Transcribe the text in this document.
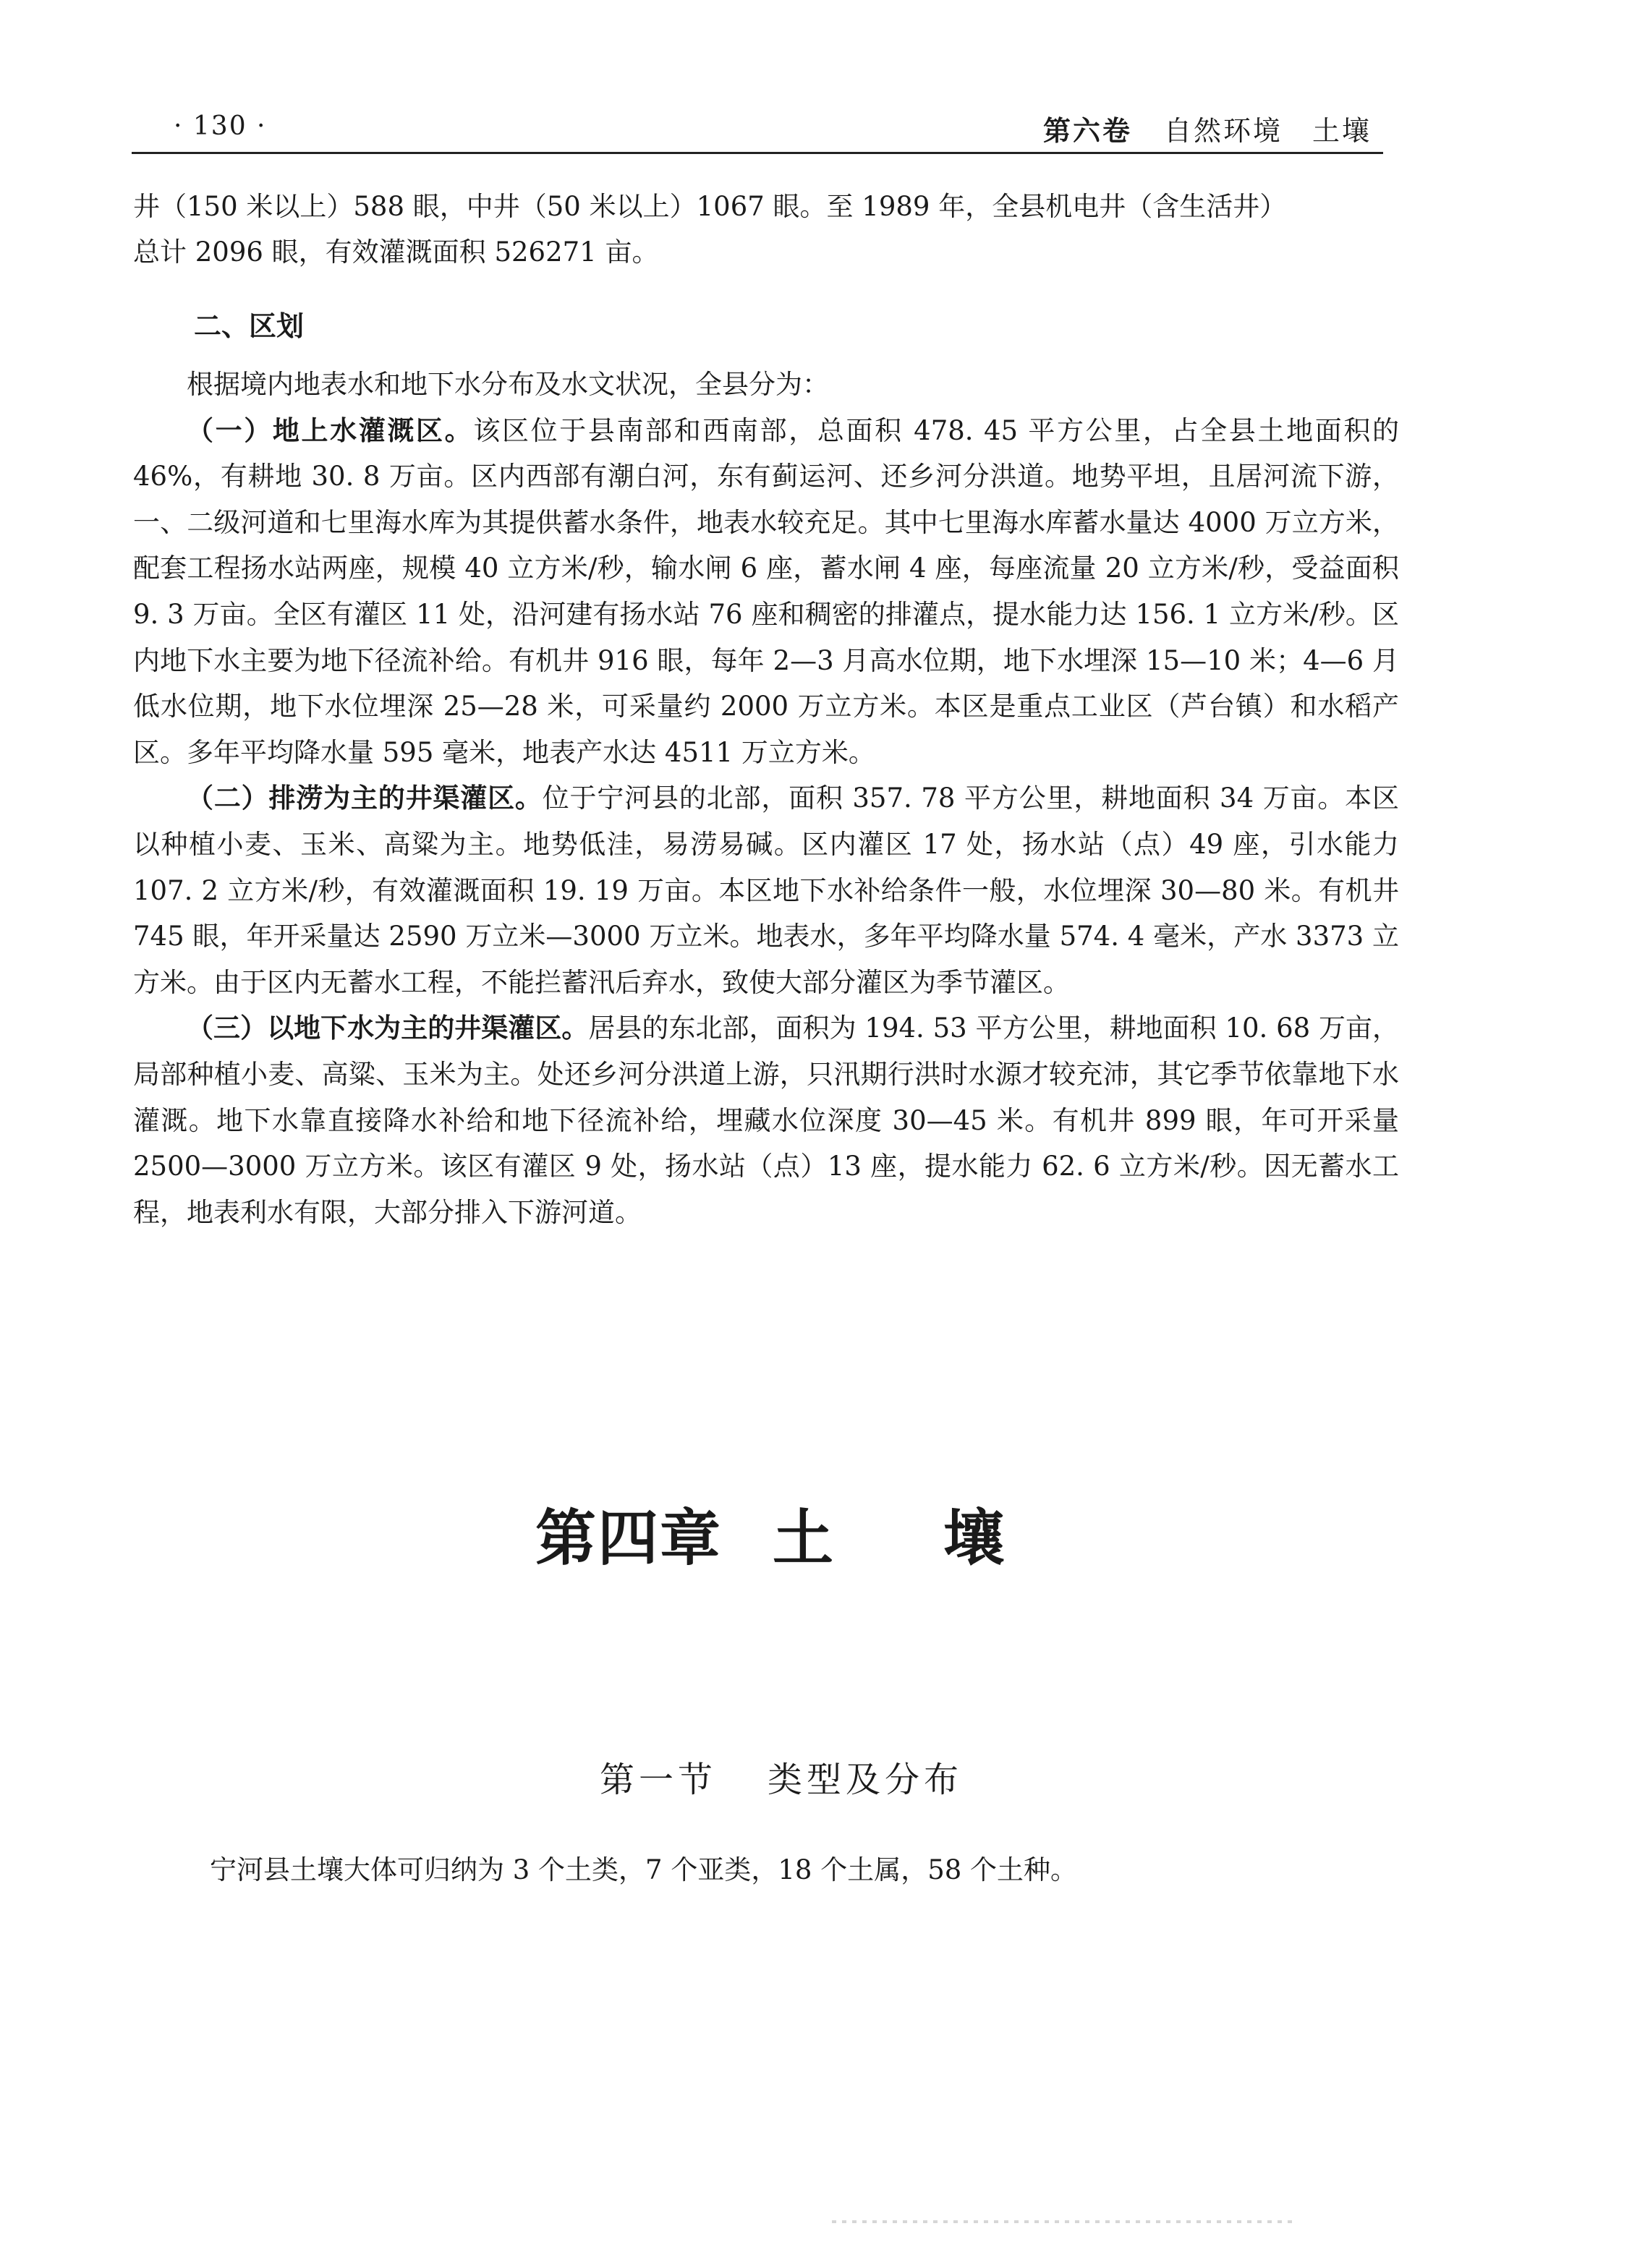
· 130 ·	第六卷 自然环境　土壤

井（150 米以上）588 眼，中井（50 米以上）1067 眼。至 1989 年，全县机电井（含生活井）

总计 2096 眼，有效灌溉面积 526271 亩。

二、区划

根据境内地表水和地下水分布及水文状况，全县分为：

（一）地上水灌溉区。该区位于县南部和西南部，总面积 478. 45 平方公里，占全县土地面积的 46%，有耕地 30. 8 万亩。区内西部有潮白河，东有蓟运河、还乡河分洪道。地势平坦，且居河流下游，一、二级河道和七里海水库为其提供蓄水条件，地表水较充足。其中七里海水库蓄水量达 4000 万立方米，配套工程扬水站两座，规模 40 立方米/秒，输水闸 6 座，蓄水闸 4 座，每座流量 20 立方米/秒，受益面积 9. 3 万亩。全区有灌区 11 处，沿河建有扬水站 76 座和稠密的排灌点，提水能力达 156. 1 立方米/秒。区内地下水主要为地下径流补给。有机井 916 眼，每年 2—3 月高水位期，地下水埋深 15—10 米；4—6 月低水位期，地下水位埋深 25—28 米，可采量约 2000 万立方米。本区是重点工业区（芦台镇）和水稻产区。多年平均降水量 595 毫米，地表产水达 4511 万立方米。

（二）排涝为主的井渠灌区。位于宁河县的北部，面积 357. 78 平方公里，耕地面积 34 万亩。本区以种植小麦、玉米、高粱为主。地势低洼，易涝易碱。区内灌区 17 处，扬水站（点）49 座，引水能力 107. 2 立方米/秒，有效灌溉面积 19. 19 万亩。本区地下水补给条件一般，水位埋深 30—80 米。有机井 745 眼，年开采量达 2590 万立米—3000 万立米。地表水，多年平均降水量 574. 4 毫米，产水 3373 立方米。由于区内无蓄水工程，不能拦蓄汛后弃水，致使大部分灌区为季节灌区。

（三）以地下水为主的井渠灌区。居县的东北部，面积为 194. 53 平方公里，耕地面积 10. 68 万亩，局部种植小麦、高粱、玉米为主。处还乡河分洪道上游，只汛期行洪时水源才较充沛，其它季节依靠地下水灌溉。地下水靠直接降水补给和地下径流补给，埋藏水位深度 30—45 米。有机井 899 眼，年可开采量 2500—3000 万立方米。该区有灌区 9 处，扬水站（点）13 座，提水能力 62. 6 立方米/秒。因无蓄水工程，地表利水有限，大部分排入下游河道。

第四章 土 壤
第一节 类型及分布
宁河县土壤大体可归纳为 3 个土类，7 个亚类，18 个土属，58 个土种。
